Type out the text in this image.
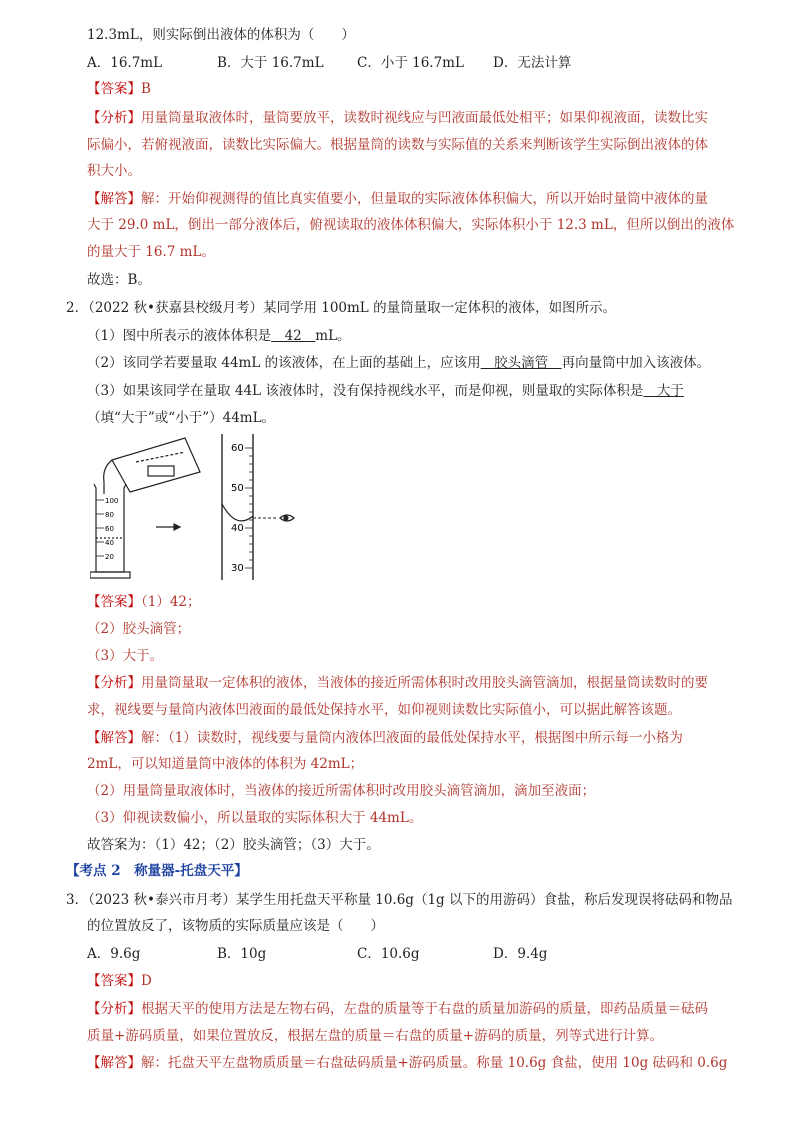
12.3mL，则实际倒出液体的体积为（　　）
A．16.7mL	B．大于 16.7mL C．小于 16.7mL D．无法计算
【答案】B
【分析】用量筒量取液体时，量筒要放平，读数时视线应与凹液面最低处相平；如果仰视液面，读数比实
际偏小，若俯视液面，读数比实际偏大。根据量筒的读数与实际值的关系来判断该学生实际倒出液体的体
积大小。
【解答】解：开始仰视测得的值比真实值要小，但量取的实际液体体积偏大，所以开始时量筒中液体的量
大于 29.0 mL，倒出一部分液体后，俯视读取的液体体积偏大，实际体积小于 12.3 mL，但所以倒出的液体
的量大于 16.7 mL。
故选：B。
2．（2022 秋•获嘉县校级月考）某同学用 100mL 的量筒量取一定体积的液体，如图所示。
（1）图中所表示的液体体积是　42　mL。
（2）该同学若要量取 44mL 的该液体，在上面的基础上，应该用　胶头滴管　再向量筒中加入该液体。
（3）如果该同学在量取 44L 该液体时，没有保持视线水平，而是仰视，则量取的实际体积是　大于
（填“大于”或“小于”）44mL。
100
80
60
40
20
60
50
40
30
【答案】（1）42；
（2）胶头滴管；
（3）大于。
【分析】用量筒量取一定体积的液体，当液体的接近所需体积时改用胶头滴管滴加，根据量筒读数时的要
求，视线要与量筒内液体凹液面的最低处保持水平，如仰视则读数比实际值小，可以据此解答该题。
【解答】解：（1）读数时，视线要与量筒内液体凹液面的最低处保持水平，根据图中所示每一小格为
2mL，可以知道量筒中液体的体积为 42mL；
（2）用量筒量取液体时，当液体的接近所需体积时改用胶头滴管滴加，滴加至液面；
（3）仰视读数偏小，所以量取的实际体积大于 44mL。
故答案为：（1）42；（2）胶头滴管；（3）大于。
【考点 2　称量器-托盘天平】
3．（2023 秋•泰兴市月考）某学生用托盘天平称量 10.6g（1g 以下的用游码）食盐，称后发现误将砝码和物品
的位置放反了，该物质的实际质量应该是（　　）
A．9.6g	B．10g	C．10.6g	D．9.4g
【答案】D
【分析】根据天平的使用方法是左物右码，左盘的质量等于右盘的质量加游码的质量，即药品质量＝砝码
质量+游码质量，如果位置放反，根据左盘的质量＝右盘的质量+游码的质量，列等式进行计算。
【解答】解：托盘天平左盘物质质量＝右盘砝码质量+游码质量。称量 10.6g 食盐，使用 10g 砝码和 0.6g
